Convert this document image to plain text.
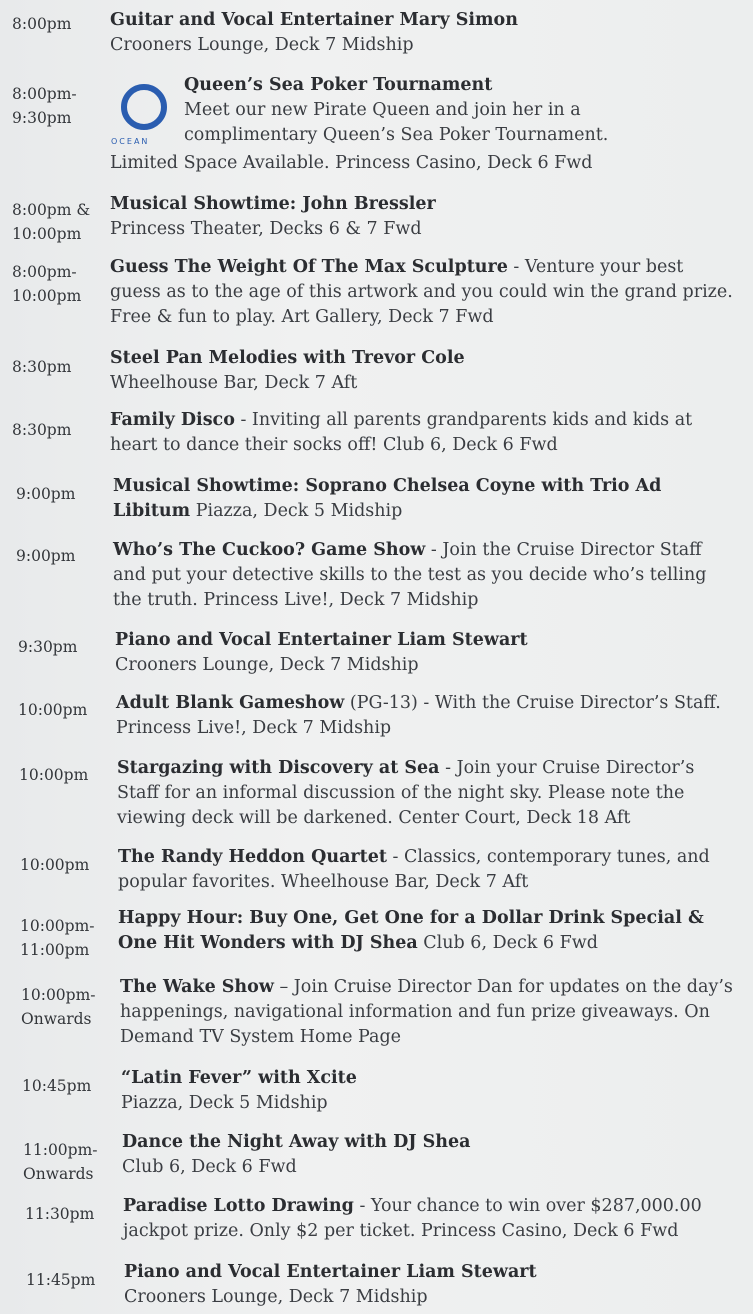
8:00pm	Guitar and Vocal Entertainer Mary Simon
Crooners Lounge, Deck 7 Midship
8:00pm-
9:30pm
OCEAN
Queen’s Sea Poker Tournament
Meet our new Pirate Queen and join her in a
complimentary Queen’s Sea Poker Tournament.
Limited Space Available. Princess Casino, Deck 6 Fwd
8:00pm &
10:00pm
Musical Showtime: John Bressler
Princess Theater, Decks 6 & 7 Fwd
8:00pm-
10:00pm
Guess The Weight Of The Max Sculpture - Venture your best guess as to the age of this artwork and you could win the grand prize. Free & fun to play. Art Gallery, Deck 7 Fwd
8:30pm	Steel Pan Melodies with Trevor Cole
Wheelhouse Bar, Deck 7 Aft
8:30pm	Family Disco - Inviting all parents grandparents kids and kids at heart to dance their socks off! Club 6, Deck 6 Fwd
9:00pm	Musical Showtime: Soprano Chelsea Coyne with Trio Ad Libitum Piazza, Deck 5 Midship
9:00pm	Who’s The Cuckoo? Game Show - Join the Cruise Director Staff and put your detective skills to the test as you decide who’s telling the truth. Princess Live!, Deck 7 Midship
9:30pm	Piano and Vocal Entertainer Liam Stewart
Crooners Lounge, Deck 7 Midship
10:00pm	Adult Blank Gameshow (PG-13) - With the Cruise Director’s Staff. Princess Live!, Deck 7 Midship
10:00pm	Stargazing with Discovery at Sea - Join your Cruise Director’s Staff for an informal discussion of the night sky. Please note the viewing deck will be darkened. Center Court, Deck 18 Aft
10:00pm	The Randy Heddon Quartet - Classics, contemporary tunes, and popular favorites. Wheelhouse Bar, Deck 7 Aft
10:00pm-
11:00pm
Happy Hour: Buy One, Get One for a Dollar Drink Special & One Hit Wonders with DJ Shea Club 6, Deck 6 Fwd
10:00pm-
Onwards
The Wake Show – Join Cruise Director Dan for updates on the day’s happenings, navigational information and fun prize giveaways. On Demand TV System Home Page
10:45pm	“Latin Fever” with Xcite
Piazza, Deck 5 Midship
11:00pm-
Onwards
Dance the Night Away with DJ Shea
Club 6, Deck 6 Fwd
11:30pm	Paradise Lotto Drawing - Your chance to win over $287,000.00 jackpot prize. Only $2 per ticket. Princess Casino, Deck 6 Fwd
11:45pm	Piano and Vocal Entertainer Liam Stewart
Crooners Lounge, Deck 7 Midship
